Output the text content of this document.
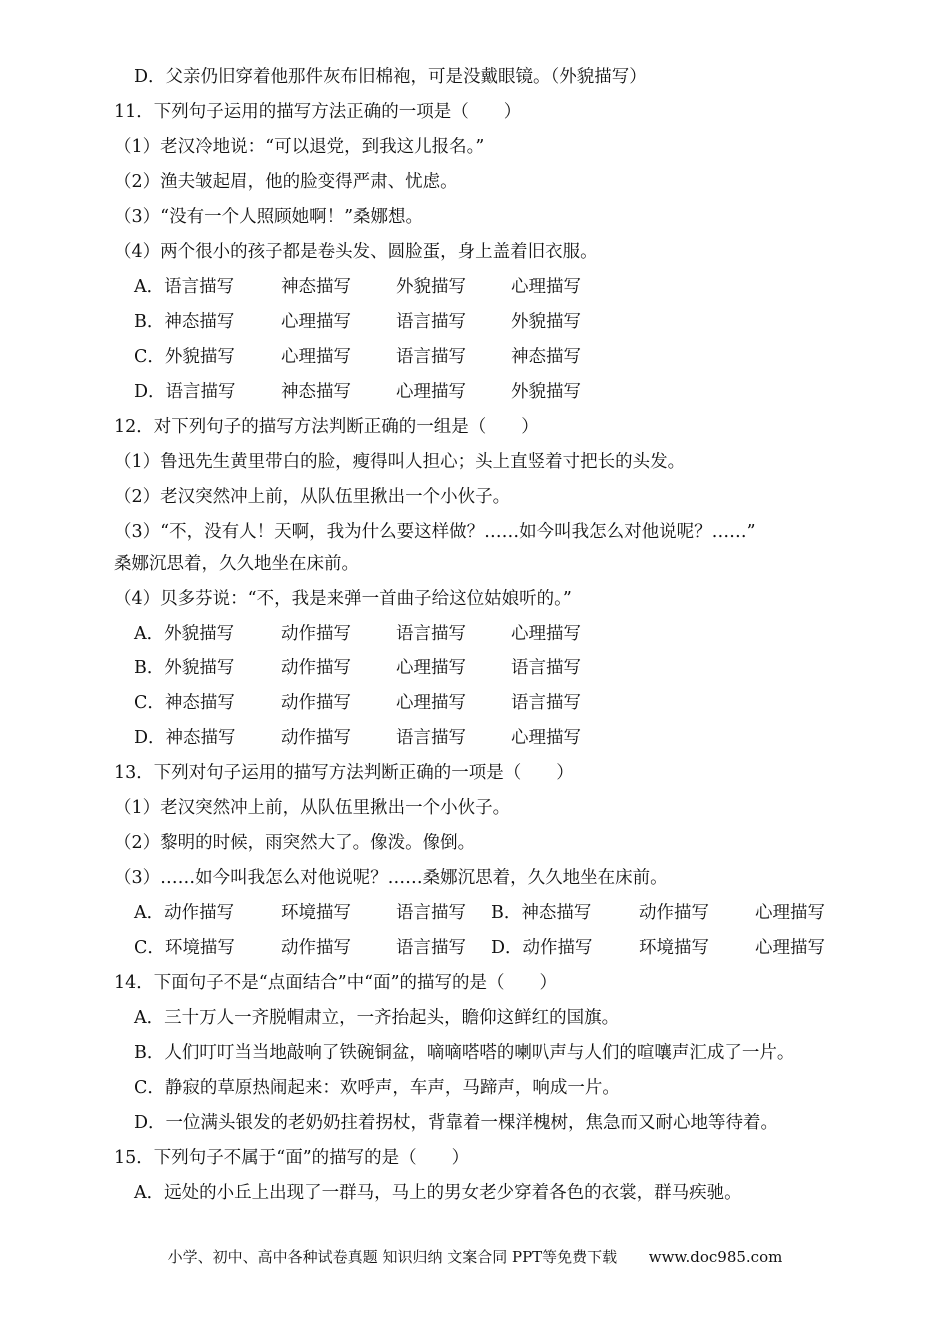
D．父亲仍旧穿着他那件灰布旧棉袍，可是没戴眼镜。（外貌描写）
11．下列句子运用的描写方法正确的一项是（　　）
（1）老汉冷地说：“可以退党，到我这儿报名。”
（2）渔夫皱起眉，他的脸变得严肃、忧虑。
（3）“没有一个人照顾她啊！”桑娜想。
（4）两个很小的孩子都是卷头发、圆脸蛋，身上盖着旧衣服。
A．语言描写	神态描写	外貌描写	心理描写
B．神态描写	心理描写	语言描写	外貌描写
C．外貌描写	心理描写	语言描写	神态描写
D．语言描写	神态描写	心理描写	外貌描写
12．对下列句子的描写方法判断正确的一组是（　　）
（1）鲁迅先生黄里带白的脸，瘦得叫人担心；头上直竖着寸把长的头发。
（2）老汉突然冲上前，从队伍里揪出一个小伙子。
（3）“不，没有人！天啊，我为什么要这样做？……如今叫我怎么对他说呢？……”
桑娜沉思着，久久地坐在床前。
（4）贝多芬说：“不，我是来弹一首曲子给这位姑娘听的。”
A．外貌描写	动作描写	语言描写	心理描写
B．外貌描写	动作描写	心理描写	语言描写
C．神态描写	动作描写	心理描写	语言描写
D．神态描写	动作描写	语言描写	心理描写
13．下列对句子运用的描写方法判断正确的一项是（　　）
（1）老汉突然冲上前，从队伍里揪出一个小伙子。
（2）黎明的时候，雨突然大了。像泼。像倒。
（3）……如今叫我怎么对他说呢？……桑娜沉思着，久久地坐在床前。
A．动作描写	环境描写	语言描写 B．神态描写	动作描写	心理描写
C．环境描写	动作描写	语言描写 D．动作描写	环境描写	心理描写
14．下面句子不是“点面结合”中“面”的描写的是（　　）
A．三十万人一齐脱帽肃立，一齐抬起头，瞻仰这鲜红的国旗。
B．人们叮叮当当地敲响了铁碗铜盆，嘀嘀嗒嗒的喇叭声与人们的喧嚷声汇成了一片。
C．静寂的草原热闹起来：欢呼声，车声，马蹄声，响成一片。
D．一位满头银发的老奶奶拄着拐杖，背靠着一棵洋槐树，焦急而又耐心地等待着。
15．下列句子不属于“面”的描写的是（　　）
A．远处的小丘上出现了一群马，马上的男女老少穿着各色的衣裳，群马疾驰。
小学、初中、高中各种试卷真题 知识归纳 文案合同 PPT等免费下载 www.doc985.com
